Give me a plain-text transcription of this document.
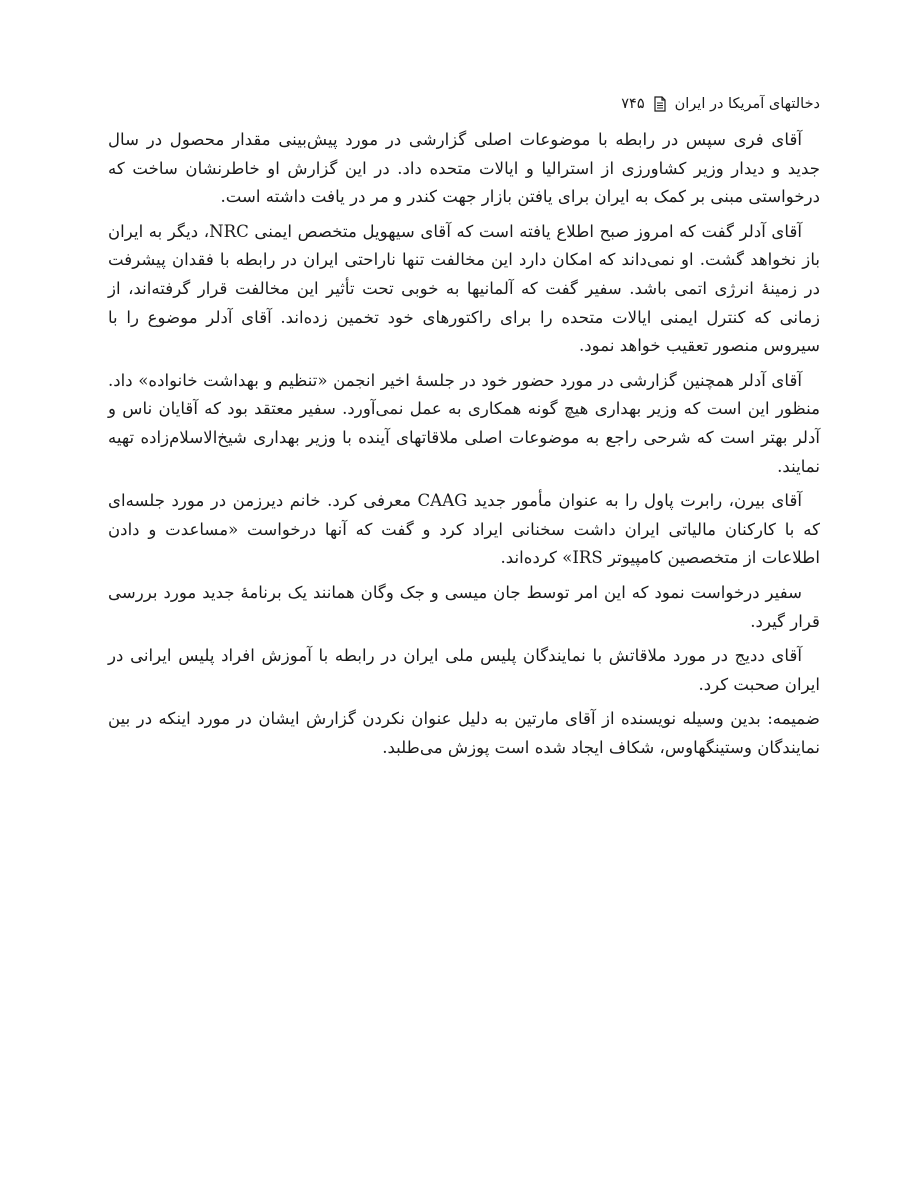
دخالتهای آمریکا در ایران
۷۴۵

آقای فری سپس در رابطه با موضوعات اصلی گزارشی در مورد پیش‌بینی مقدار محصول در سال جدید و دیدار وزیر کشاورزی از استرالیا و ایالات متحده داد. در این گزارش او خاطرنشان ساخت که درخواستی مبنی بر کمک به ایران برای یافتن بازار جهت کندر و مر در یافت داشته است.

آقای آدلر گفت که امروز صبح اطلاع یافته است که آقای سیهویل متخصص ایمنی NRC، دیگر به ایران باز نخواهد گشت. او نمی‌داند که امکان دارد این مخالفت تنها ناراحتی ایران در رابطه با فقدان پیشرفت در زمینهٔ انرژی اتمی باشد. سفیر گفت که آلمانیها به خوبی تحت تأثیر این مخالفت قرار گرفته‌اند، از زمانی که کنترل ایمنی ایالات متحده را برای راکتورهای خود تخمین زده‌اند. آقای آدلر موضوع را با سیروس منصور تعقیب خواهد نمود.

آقای آدلر همچنین گزارشی در مورد حضور خود در جلسهٔ اخیر انجمن «تنظیم و بهداشت خانواده» داد. منظور این است که وزیر بهداری هیچ گونه همکاری به عمل نمی‌آورد. سفیر معتقد بود که آقایان ناس و آدلر بهتر است که شرحی راجع به موضوعات اصلی ملاقاتهای آینده با وزیر بهداری شیخ‌الاسلام‌زاده تهیه نمایند.

آقای بیرن، رابرت پاول را به عنوان مأمور جدید CAAG معرفی کرد. خانم دیرزمن در مورد جلسه‌ای که با کارکنان مالیاتی ایران داشت سخنانی ایراد کرد و گفت که آنها درخواست «مساعدت و دادن اطلاعات از متخصصین کامپیوتر IRS» کرده‌اند.

سفیر درخواست نمود که این امر توسط جان میسی و جک وگان همانند یک برنامهٔ جدید مورد بررسی قرار گیرد.

آقای ددیج در مورد ملاقاتش با نمایندگان پلیس ملی ایران در رابطه با آموزش افراد پلیس ایرانی در ایران صحبت کرد.

ضمیمه: بدین وسیله نویسنده از آقای مارتین به دلیل عنوان نکردن گزارش ایشان در مورد اینکه در بین نمایندگان وستینگهاوس، شکاف ایجاد شده است پوزش می‌طلبد.
